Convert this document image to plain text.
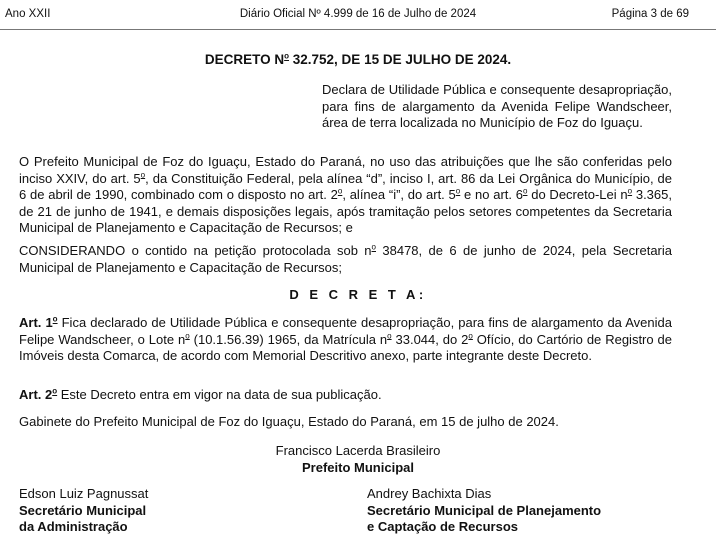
Ano XXII	Diário Oficial Nº 4.999 de 16 de Julho de 2024	Página 3 de 69
DECRETO $N^o$ 32.752, DE 15 DE JULHO DE 2024.
Declara de Utilidade Pública e consequente desapropriação, para fins de alargamento da Avenida Felipe Wandscheer, área de terra localizada no Município de Foz do Iguaçu.
O Prefeito Municipal de Foz do Iguaçu, Estado do Paraná, no uso das atribuições que lhe são conferidas pelo inciso XXIV, do art. 5$^o$, da Constituição Federal, pela alínea “d”, inciso I, art. 86 da Lei Orgânica do Município, de 6 de abril de 1990, combinado com o disposto no art. 2$^o$, alínea “i”, do art. 5$^o$ e no art. 6$^o$ do Decreto-Lei $n^o$ 3.365, de 21 de junho de 1941, e demais disposições legais, após tramitação pelos setores competentes da Secretaria Municipal de Planejamento e Capacitação de Recursos; e
CONSIDERANDO o contido na petição protocolada sob $n^o$ 38478, de 6 de junho de 2024, pela Secretaria Municipal de Planejamento e Capacitação de Recursos;
D E C R E T A:
Art. 1$^o$ Fica declarado de Utilidade Pública e consequente desapropriação, para fins de alargamento da Avenida Felipe Wandscheer, o Lote $n^o$ (10.1.56.39) 1965, da Matrícula $n^o$ 33.044, do 2$^o$ Ofício, do Cartório de Registro de Imóveis desta Comarca, de acordo com Memorial Descritivo anexo, parte integrante deste Decreto.
Art. 2$^o$ Este Decreto entra em vigor na data de sua publicação.
Gabinete do Prefeito Municipal de Foz do Iguaçu, Estado do Paraná, em 15 de julho de 2024.
Francisco Lacerda Brasileiro
Prefeito Municipal
Edson Luiz Pagnussat
Secretário Municipal
da Administração
Andrey Bachixta Dias
Secretário Municipal de Planejamento
e Captação de Recursos
